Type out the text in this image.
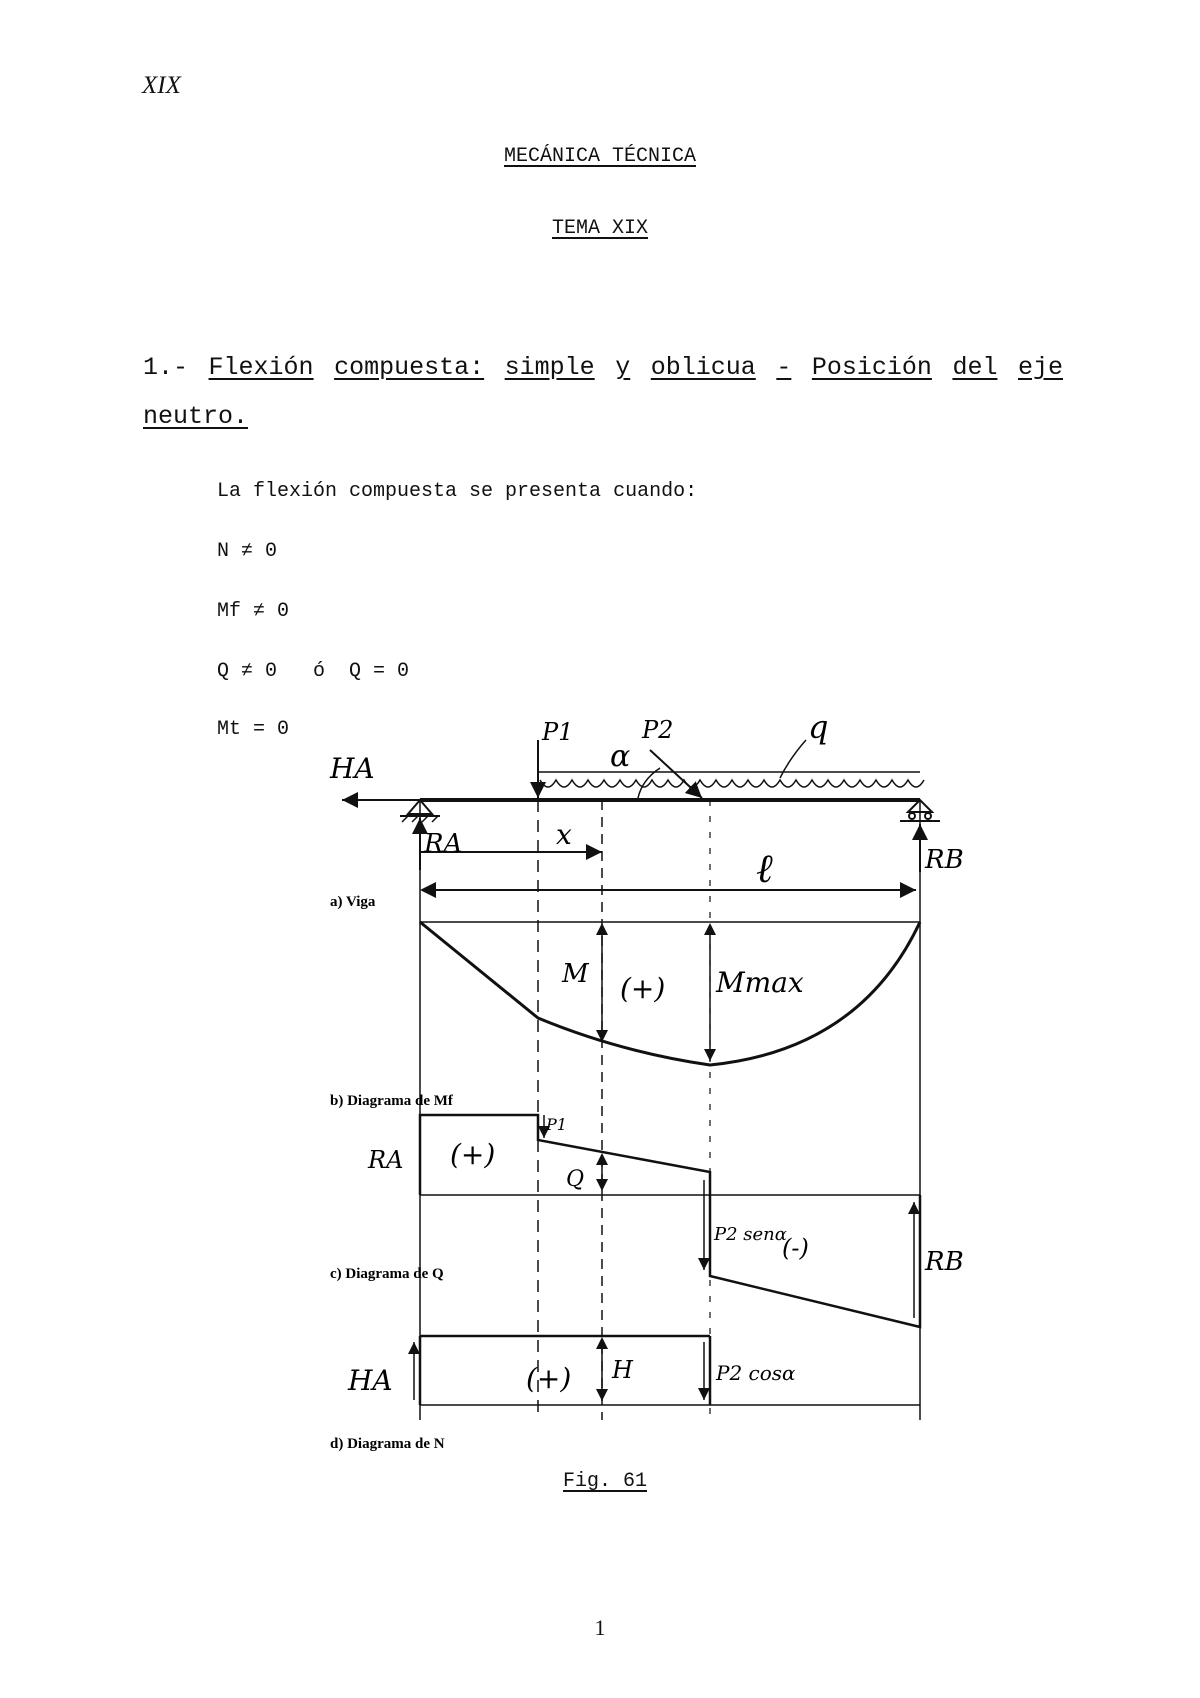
XIX
MECÁNICA TÉCNICA
TEMA XIX
1.- Flexión compuesta: simple y oblicua - Posición del eje
neutro.
La flexión compuesta se presenta cuando:
N ≠ 0
Mf ≠ 0
Q ≠ 0   ó  Q = 0
Mt = 0
HA
RA
RB
P1	P2
α
q
x
ℓ
a) Viga
M (+) Mmax
b) Diagrama de Mf
RA
P1
(+)
Q
P2 senα
(-)	RB
c) Diagrama de Q
HA	(+) H	P2 cosα
d) Diagrama de N
Fig. 61
1
